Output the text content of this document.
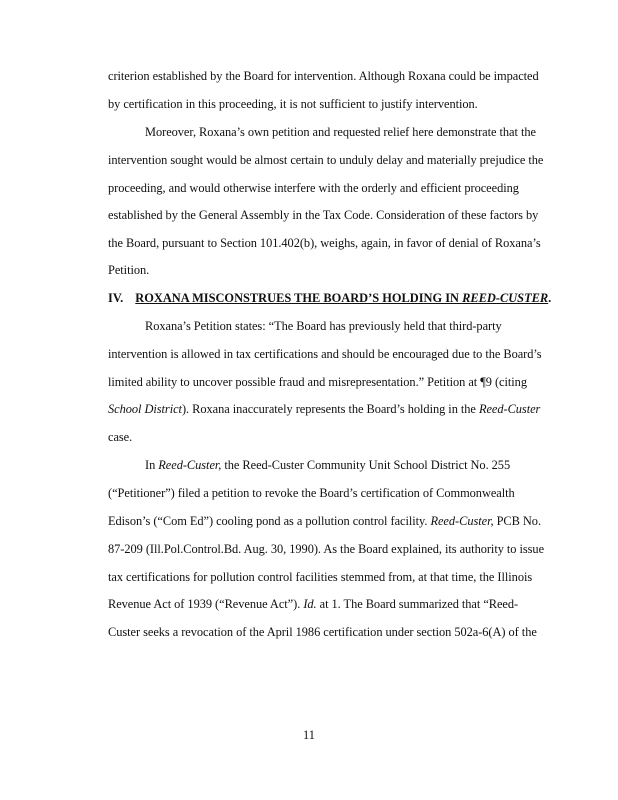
criterion established by the Board for intervention. Although Roxana could be impacted
by certification in this proceeding, it is not sufficient to justify intervention.
Moreover, Roxana’s own petition and requested relief here demonstrate that the
intervention sought would be almost certain to unduly delay and materially prejudice the
proceeding, and would otherwise interfere with the orderly and efficient proceeding
established by the General Assembly in the Tax Code. Consideration of these factors by
the Board, pursuant to Section 101.402(b), weighs, again, in favor of denial of Roxana’s
Petition.
IV. ROXANA MISCONSTRUES THE BOARD’S HOLDING IN REED-CUSTER.
Roxana’s Petition states: “The Board has previously held that third-party
intervention is allowed in tax certifications and should be encouraged due to the Board’s
limited ability to uncover possible fraud and misrepresentation.” Petition at ¶9 (citing
School District). Roxana inaccurately represents the Board’s holding in the Reed-Custer
case.
In Reed-Custer, the Reed-Custer Community Unit School District No. 255
(“Petitioner”) filed a petition to revoke the Board’s certification of Commonwealth
Edison’s (“Com Ed”) cooling pond as a pollution control facility. Reed-Custer, PCB No.
87-209 (Ill.Pol.Control.Bd. Aug. 30, 1990). As the Board explained, its authority to issue
tax certifications for pollution control facilities stemmed from, at that time, the Illinois
Revenue Act of 1939 (“Revenue Act”). Id. at 1. The Board summarized that “Reed-
Custer seeks a revocation of the April 1986 certification under section 502a-6(A) of the
11
